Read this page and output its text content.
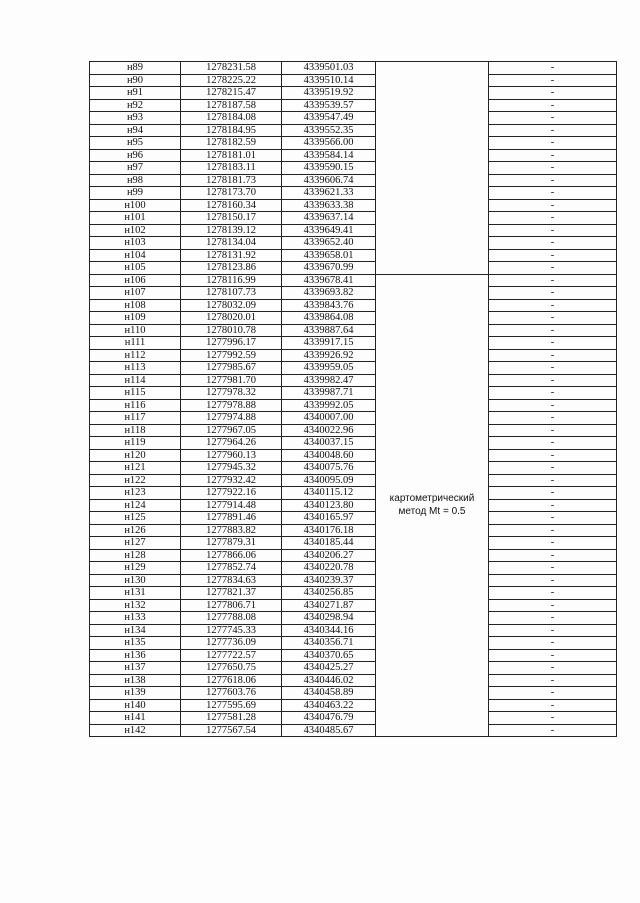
н89	1278231.58	4339501.03		-
н90	1278225.22	4339510.14		-
н91	1278215.47	4339519.92		-
н92	1278187.58	4339539.57		-
н93	1278184.08	4339547.49		-
н94	1278184.95	4339552.35		-
н95	1278182.59	4339566.00		-
н96	1278181.01	4339584.14		-
н97	1278183.11	4339590.15		-
н98	1278181.73	4339606.74		-
н99	1278173.70	4339621.33		-
н100	1278160.34	4339633.38		-
н101	1278150.17	4339637.14		-
н102	1278139.12	4339649.41		-
н103	1278134.04	4339652.40		-
н104	1278131.92	4339658.01		-
н105	1278123.86	4339670.99		-
н106	1278116.99	4339678.41	картометрический метод Mt = 0.5	-
н107	1278107.73	4339693.82		-
н108	1278032.09	4339843.76		-
н109	1278020.01	4339864.08		-
н110	1278010.78	4339887.64		-
н111	1277996.17	4339917.15		-
н112	1277992.59	4339926.92		-
н113	1277985.67	4339959.05		-
н114	1277981.70	4339982.47		-
н115	1277978.32	4339987.71		-
н116	1277978.88	4339992.05		-
н117	1277974.88	4340007.00		-
н118	1277967.05	4340022.96		-
н119	1277964.26	4340037.15		-
н120	1277960.13	4340048.60		-
н121	1277945.32	4340075.76		-
н122	1277932.42	4340095.09		-
н123	1277922.16	4340115.12		-
н124	1277914.48	4340123.80		-
н125	1277891.46	4340165.97		-
н126	1277883.82	4340176.18		-
н127	1277879.31	4340185.44		-
н128	1277866.06	4340206.27		-
н129	1277852.74	4340220.78		-
н130	1277834.63	4340239.37		-
н131	1277821.37	4340256.85		-
н132	1277806.71	4340271.87		-
н133	1277788.08	4340298.94		-
н134	1277745.33	4340344.16		-
н135	1277736.09	4340356.71		-
н136	1277722.57	4340370.65		-
н137	1277650.75	4340425.27		-
н138	1277618.06	4340446.02		-
н139	1277603.76	4340458.89		-
н140	1277595.69	4340463.22		-
н141	1277581.28	4340476.79		-
н142	1277567.54	4340485.67		-
